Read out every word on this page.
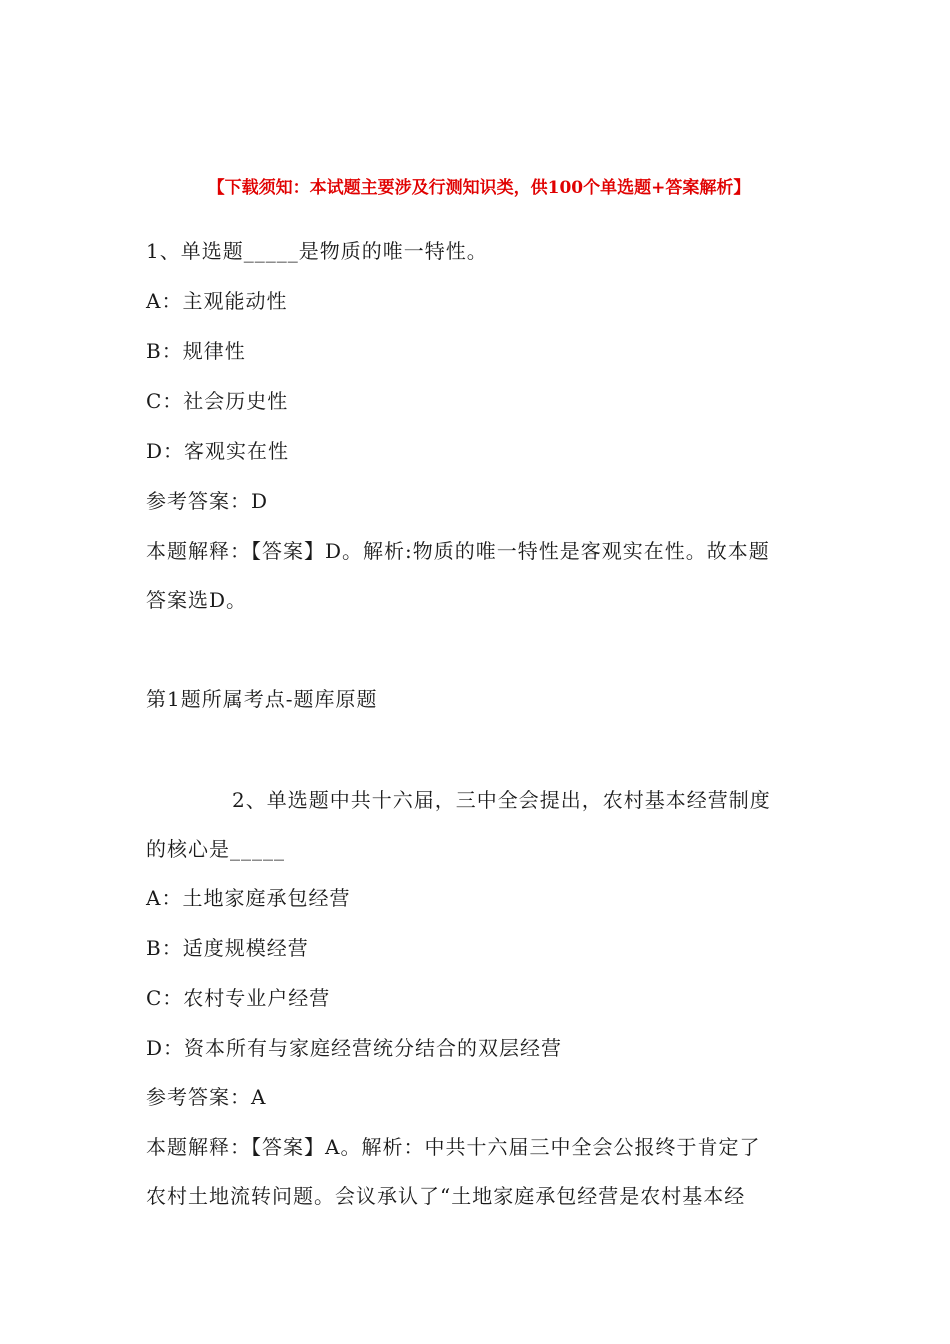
【下载须知：本试题主要涉及行测知识类，供100个单选题+答案解析】
1、单选题_____是物质的唯一特性。
A：主观能动性
B：规律性
C：社会历史性
D：客观实在性
参考答案：D
本题解释：【答案】D。解析:物质的唯一特性是客观实在性。故本题
答案选D。
第1题所属考点-题库原题
2、单选题中共十六届，三中全会提出，农村基本经营制度
的核心是_____
A：土地家庭承包经营
B：适度规模经营
C：农村专业户经营
D：资本所有与家庭经营统分结合的双层经营
参考答案：A
本题解释：【答案】A。解析：中共十六届三中全会公报终于肯定了
农村土地流转问题。会议承认了“土地家庭承包经营是农村基本经
